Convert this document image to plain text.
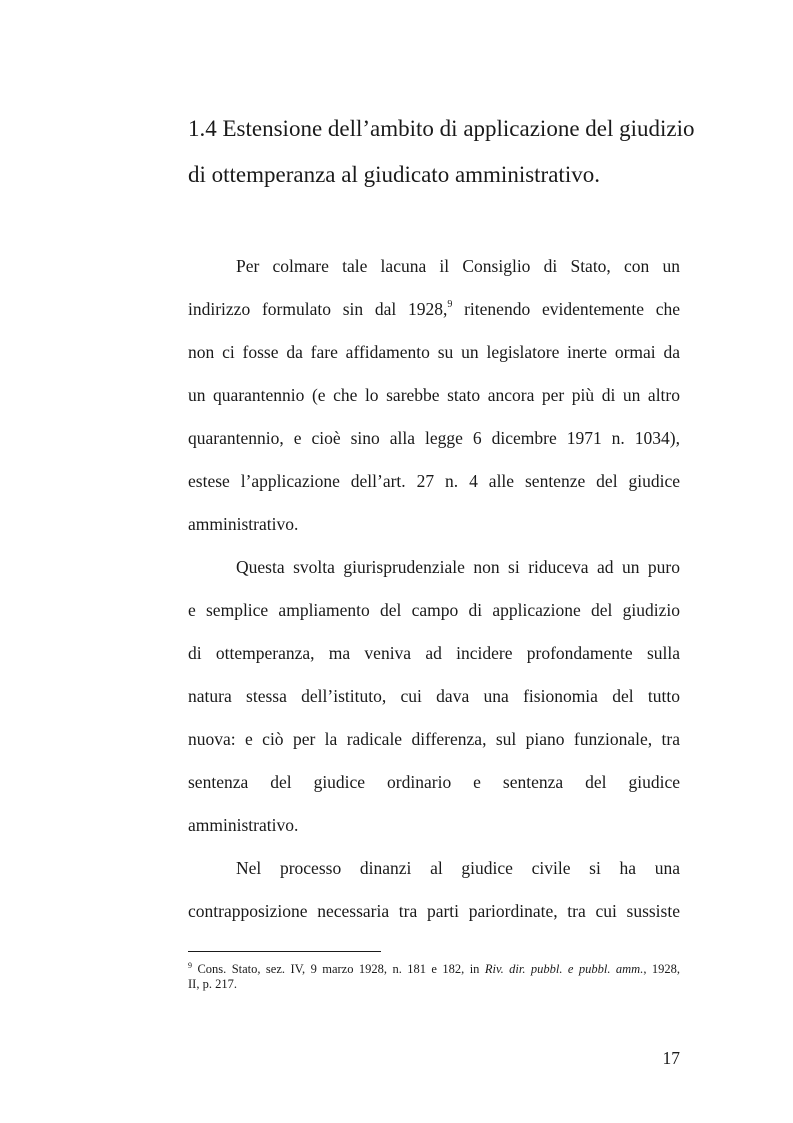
1.4 Estensione dell’ambito di applicazione del giudizio
di ottemperanza al giudicato amministrativo.
Per colmare tale lacuna il Consiglio di Stato, con un
indirizzo formulato sin dal 1928,$^9$ ritenendo evidentemente che
non ci fosse da fare affidamento su un legislatore inerte ormai da
un quarantennio (e che lo sarebbe stato ancora per più di un altro
quarantennio, e cioè sino alla legge 6 dicembre 1971 n. 1034),
estese l’applicazione dell’art. 27 n. 4 alle sentenze del giudice
amministrativo.
Questa svolta giurisprudenziale non si riduceva ad un puro
e semplice ampliamento del campo di applicazione del giudizio
di ottemperanza, ma veniva ad incidere profondamente sulla
natura stessa dell’istituto, cui dava una fisionomia del tutto
nuova: e ciò per la radicale differenza, sul piano funzionale, tra
sentenza del giudice ordinario e sentenza del giudice
amministrativo.
Nel processo dinanzi al giudice civile si ha una
contrapposizione necessaria tra parti pariordinate, tra cui sussiste
$^9$ Cons. Stato, sez. IV, 9 marzo 1928, n. 181 e 182, in Riv. dir. pubbl. e pubbl. amm., 1928,
II, p. 217.
17
